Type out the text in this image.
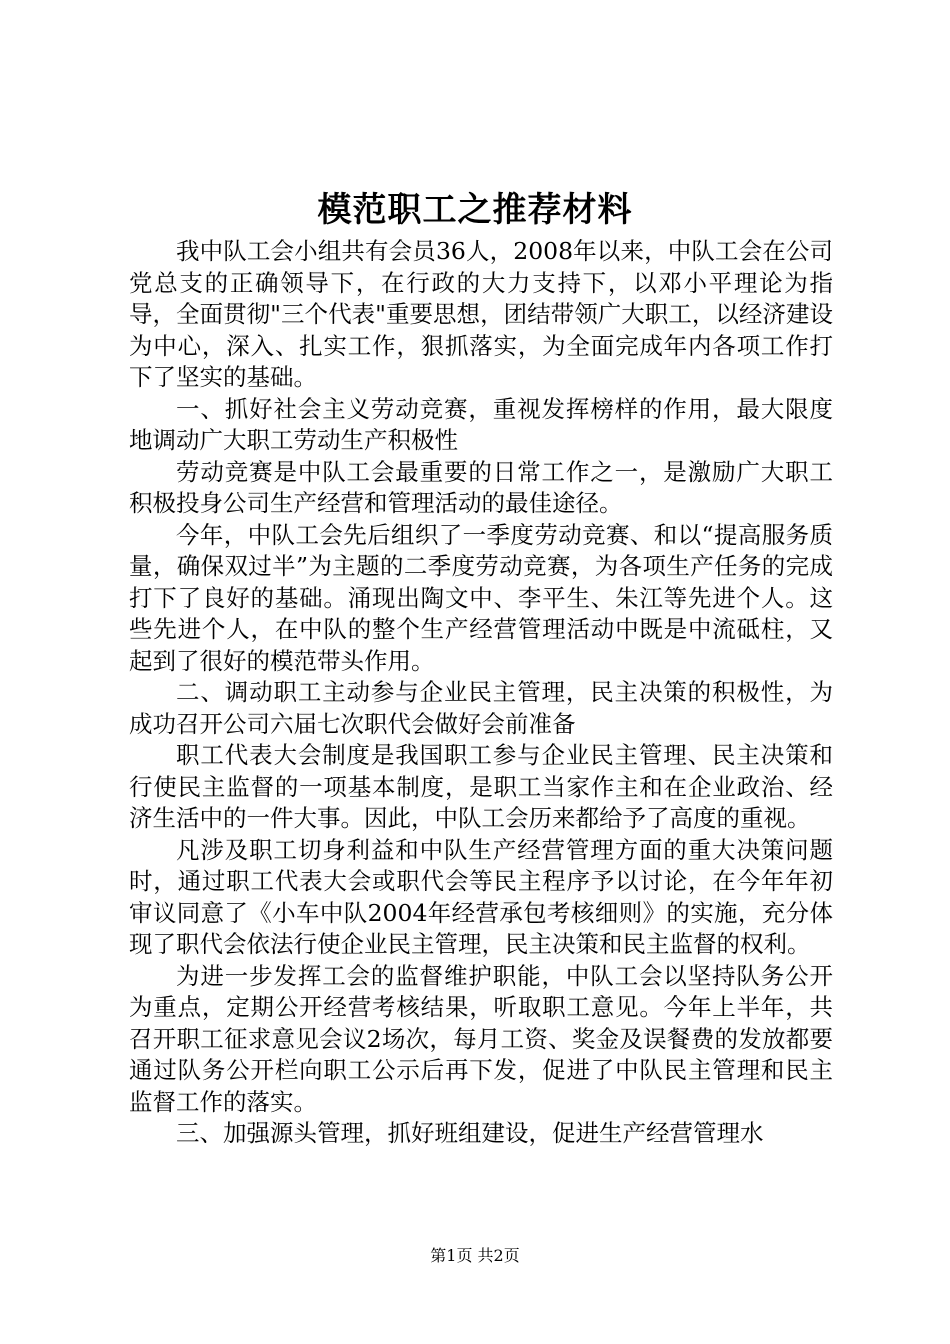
模范职工之推荐材料

我中队工会小组共有会员36人，2008年以来，中队工会在公司党总支的正确领导下，在行政的大力支持下，以邓小平理论为指导，全面贯彻"三个代表"重要思想，团结带领广大职工，以经济建设为中心，深入、扎实工作，狠抓落实，为全面完成年内各项工作打下了坚实的基础。

一、抓好社会主义劳动竞赛，重视发挥榜样的作用，最大限度地调动广大职工劳动生产积极性

劳动竞赛是中队工会最重要的日常工作之一，是激励广大职工积极投身公司生产经营和管理活动的最佳途径。

今年，中队工会先后组织了一季度劳动竞赛、和以“提高服务质量，确保双过半”为主题的二季度劳动竞赛，为各项生产任务的完成打下了良好的基础。涌现出陶文中、李平生、朱江等先进个人。这些先进个人，在中队的整个生产经营管理活动中既是中流砥柱，又起到了很好的模范带头作用。

二、调动职工主动参与企业民主管理，民主决策的积极性，为成功召开公司六届七次职代会做好会前准备

职工代表大会制度是我国职工参与企业民主管理、民主决策和行使民主监督的一项基本制度，是职工当家作主和在企业政治、经济生活中的一件大事。因此，中队工会历来都给予了高度的重视。

凡涉及职工切身利益和中队生产经营管理方面的重大决策问题时，通过职工代表大会或职代会等民主程序予以讨论，在今年年初审议同意了《小车中队2004年经营承包考核细则》的实施，充分体现了职代会依法行使企业民主管理，民主决策和民主监督的权利。

为进一步发挥工会的监督维护职能，中队工会以坚持队务公开为重点，定期公开经营考核结果，听取职工意见。今年上半年，共召开职工征求意见会议2场次，每月工资、奖金及误餐费的发放都要通过队务公开栏向职工公示后再下发，促进了中队民主管理和民主监督工作的落实。

三、加强源头管理，抓好班组建设，促进生产经营管理水

第1页 共2页
